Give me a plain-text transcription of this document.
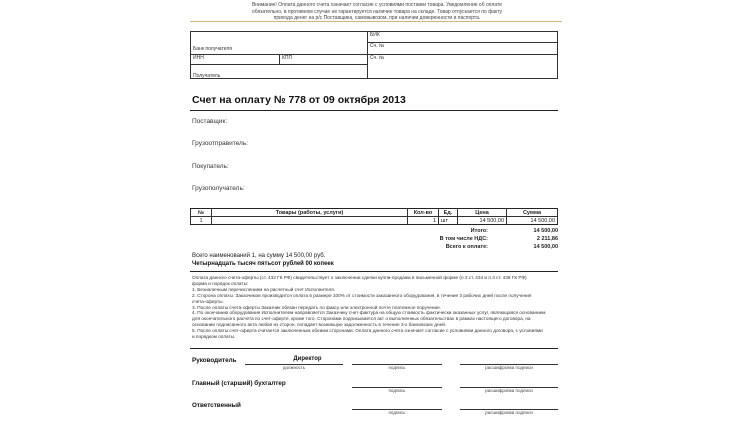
Внимание! Оплата данного счета означает согласие с условиями поставки товара. Уведомление об оплате
обязательно, в противном случае не гарантируется наличие товара на складе. Товар отпускается по факту
прихода денег на р/с Поставщика, самовывозом, при наличии доверенности и паспорта.
БИК
Сч. №
Банк получателя
ИНН	КПП	Сч. №
Получатель
Счет на оплату № 778 от 09 октября 2013
Поставщик:
Грузоотправитель:
Покупатель:
Грузополучатель:
№	Товары (работы, услуги)	Кол-во	Ед.	Цена	Сумма
1		1	шт	14 500,00	14 500,00
Итого:	14 500,00
В том числе НДС:	2 211,86
Всего к оплате:	14 500,00
Всего наименований 1, на сумму 14 500,00 руб.
Четырнадцать тысяч пятьсот рублей 00 копеек
Оплата данного счета-оферты (ст. 432 ГК РФ) свидетельствует о заключении сделки купли-продажи в письменной форме (п.3 ст. 434 и п.3 ст. 438 ГК РФ)
форма и порядок оплаты:
1. Безналичным перечислением на расчетный счет Исполнителя.
2. Сторона оплаты. Заказчиком производится оплата в размере 100% от стоимости заказанного оборудования, в течение 3 рабочих дней после получения
счета-оферты.
3. После оплаты счета-оферты Заказчик обязан передать по факсу или электронной почте платежное поручение.
4. По окончанию оборудования Исполнителем направляется Заказчику счет-фактура на общую стоимость фактически оказанных услуг, являющаяся основанием
для окончательного расчета по счет-оферте, кроме того. Сторонами подписывается акт о выполненных обязательствах в рамках настоящего договора, на
основании подписанного акта любая из сторон, попадает возникшую задолженность в течение 3-х банковских дней.
5. После оплаты счет-оферта считается заключенным обеими сторонами. Оплата данного счета означает согласие с условиями данного договора, с условиями
и порядком оплаты.
Руководитель	Директор
должность	подпись	расшифровка подписи
Главный (старший) бухгалтер
подпись	расшифровка подписи
Ответственный
подпись	расшифровка подписи
